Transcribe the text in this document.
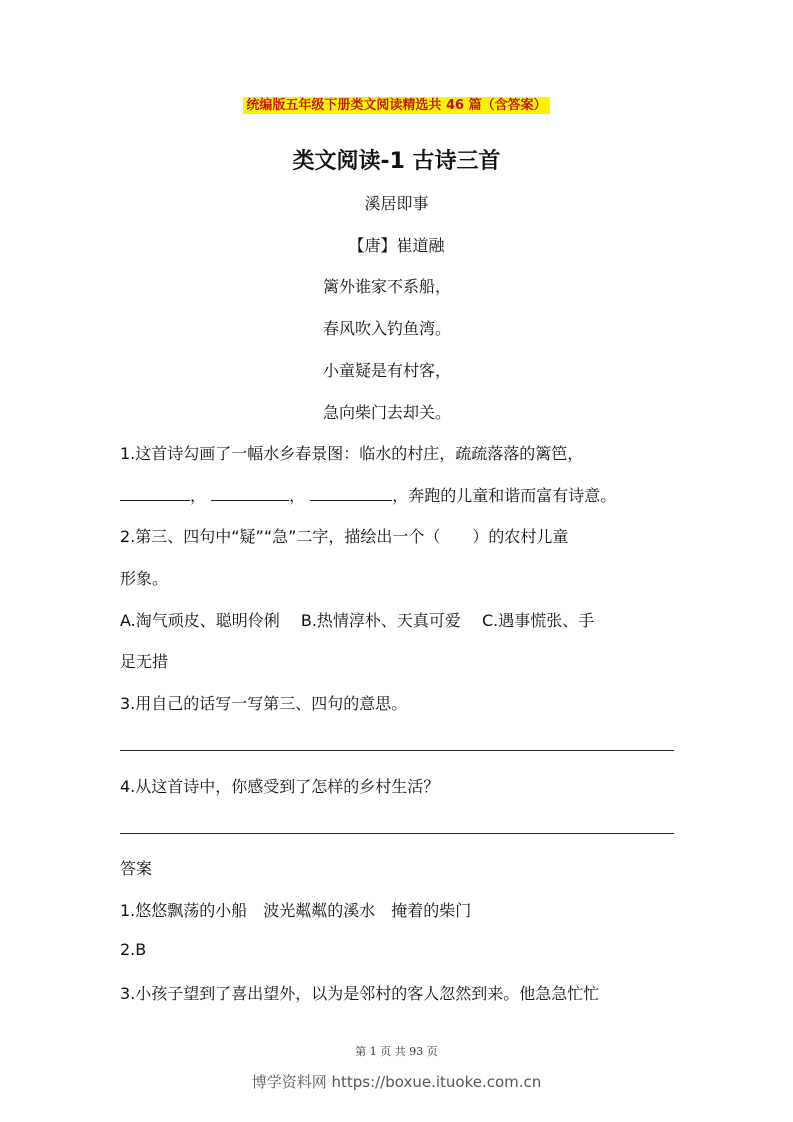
统编版五年级下册类文阅读精选共 46 篇（含答案）
类文阅读-1 古诗三首
溪居即事
【唐】崔道融
篱外谁家不系船，
春风吹入钓鱼湾。
小童疑是有村客，
急向柴门去却关。
1.这首诗勾画了一幅水乡春景图：临水的村庄，疏疏落落的篱笆，
，	，	，奔跑的儿童和谐而富有诗意。
2.第三、四句中“疑”“急”二字，描绘出一个（　　）的农村儿童
形象。
A.淘气顽皮、聪明伶俐　 B.热情淳朴、天真可爱　 C.遇事慌张、手
足无措
3.用自己的话写一写第三、四句的意思。
4.从这首诗中，你感受到了怎样的乡村生活？
答案
1.悠悠飘荡的小船　波光粼粼的溪水　掩着的柴门
2.B
3.小孩子望到了喜出望外，以为是邻村的客人忽然到来。他急急忙忙
第 1 页 共 93 页
博学资料网 https://boxue.ituoke.com.cn
